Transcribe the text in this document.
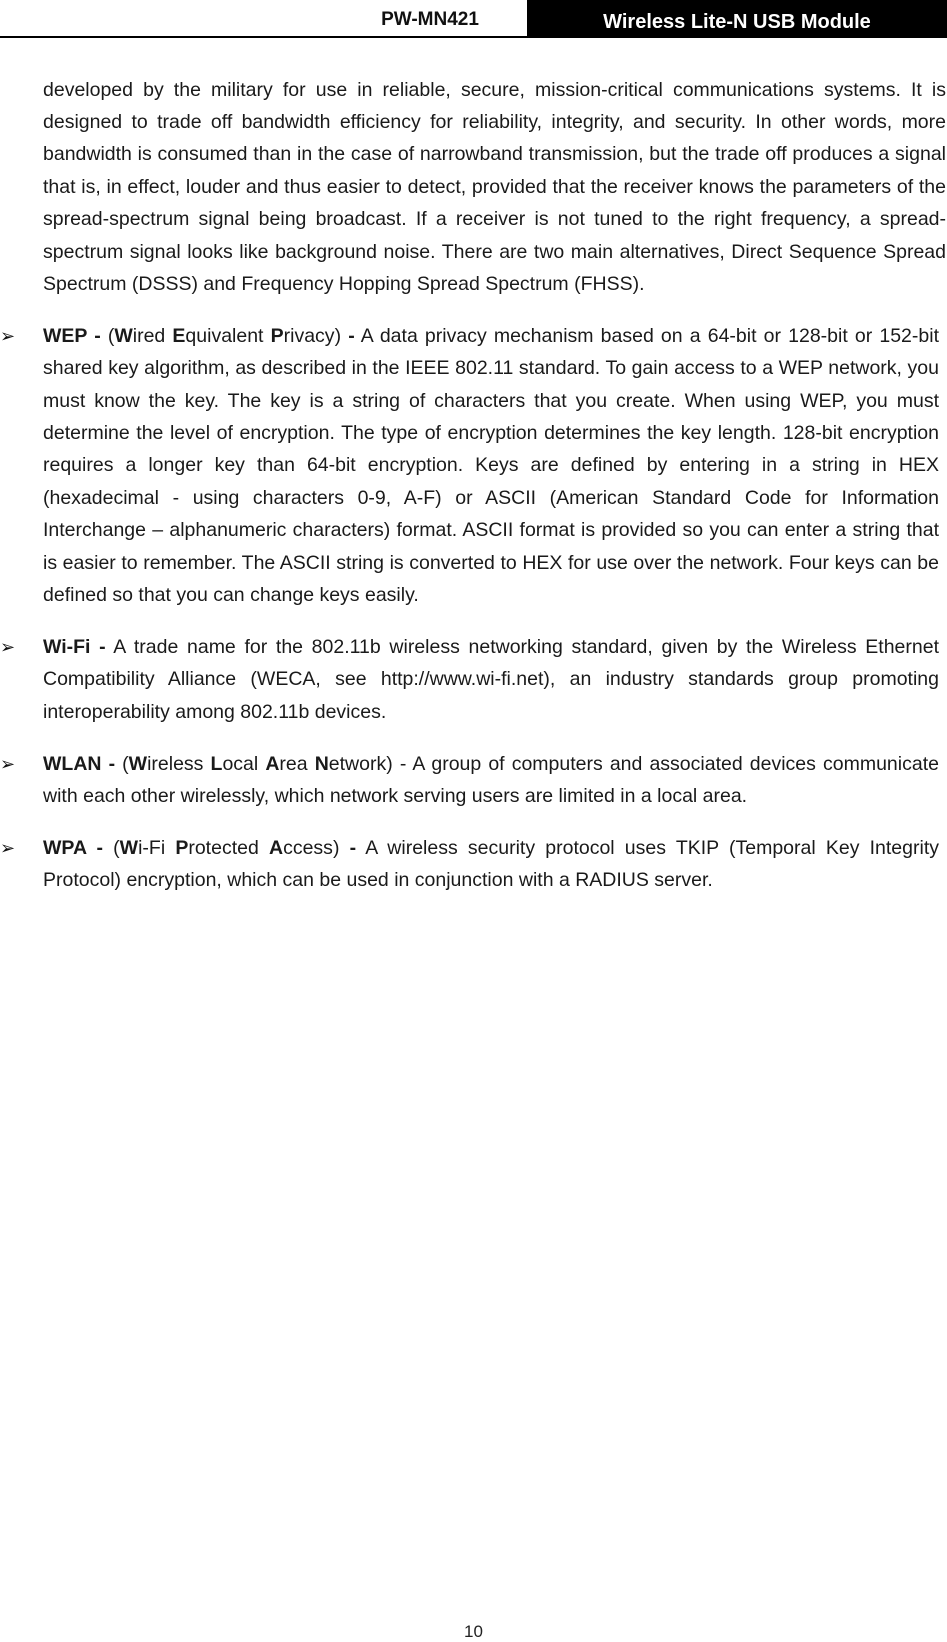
PW-MN421	Wireless Lite-N USB Module

developed by the military for use in reliable, secure, mission-critical communications systems. It is designed to trade off bandwidth efficiency for reliability, integrity, and security. In other words, more bandwidth is consumed than in the case of narrowband transmission, but the trade off produces a signal that is, in effect, louder and thus easier to detect, provided that the receiver knows the parameters of the spread-spectrum signal being broadcast. If a receiver is not tuned to the right frequency, a spread-spectrum signal looks like background noise. There are two main alternatives, Direct Sequence Spread Spectrum (DSSS) and Frequency Hopping Spread Spectrum (FHSS).

➢ WEP - (Wired Equivalent Privacy) - A data privacy mechanism based on a 64-bit or 128-bit or 152-bit shared key algorithm, as described in the IEEE 802.11 standard. To gain access to a WEP network, you must know the key. The key is a string of characters that you create. When using WEP, you must determine the level of encryption. The type of encryption determines the key length. 128-bit encryption requires a longer key than 64-bit encryption. Keys are defined by entering in a string in HEX (hexadecimal - using characters 0-9, A-F) or ASCII (American Standard Code for Information Interchange – alphanumeric characters) format. ASCII format is provided so you can enter a string that is easier to remember. The ASCII string is converted to HEX for use over the network. Four keys can be defined so that you can change keys easily.

➢ Wi-Fi - A trade name for the 802.11b wireless networking standard, given by the Wireless Ethernet Compatibility Alliance (WECA, see http://www.wi-fi.net), an industry standards group promoting interoperability among 802.11b devices.

➢ WLAN - (Wireless Local Area Network) - A group of computers and associated devices communicate with each other wirelessly, which network serving users are limited in a local area.

➢ WPA - (Wi-Fi Protected Access) - A wireless security protocol uses TKIP (Temporal Key Integrity Protocol) encryption, which can be used in conjunction with a RADIUS server.

10
